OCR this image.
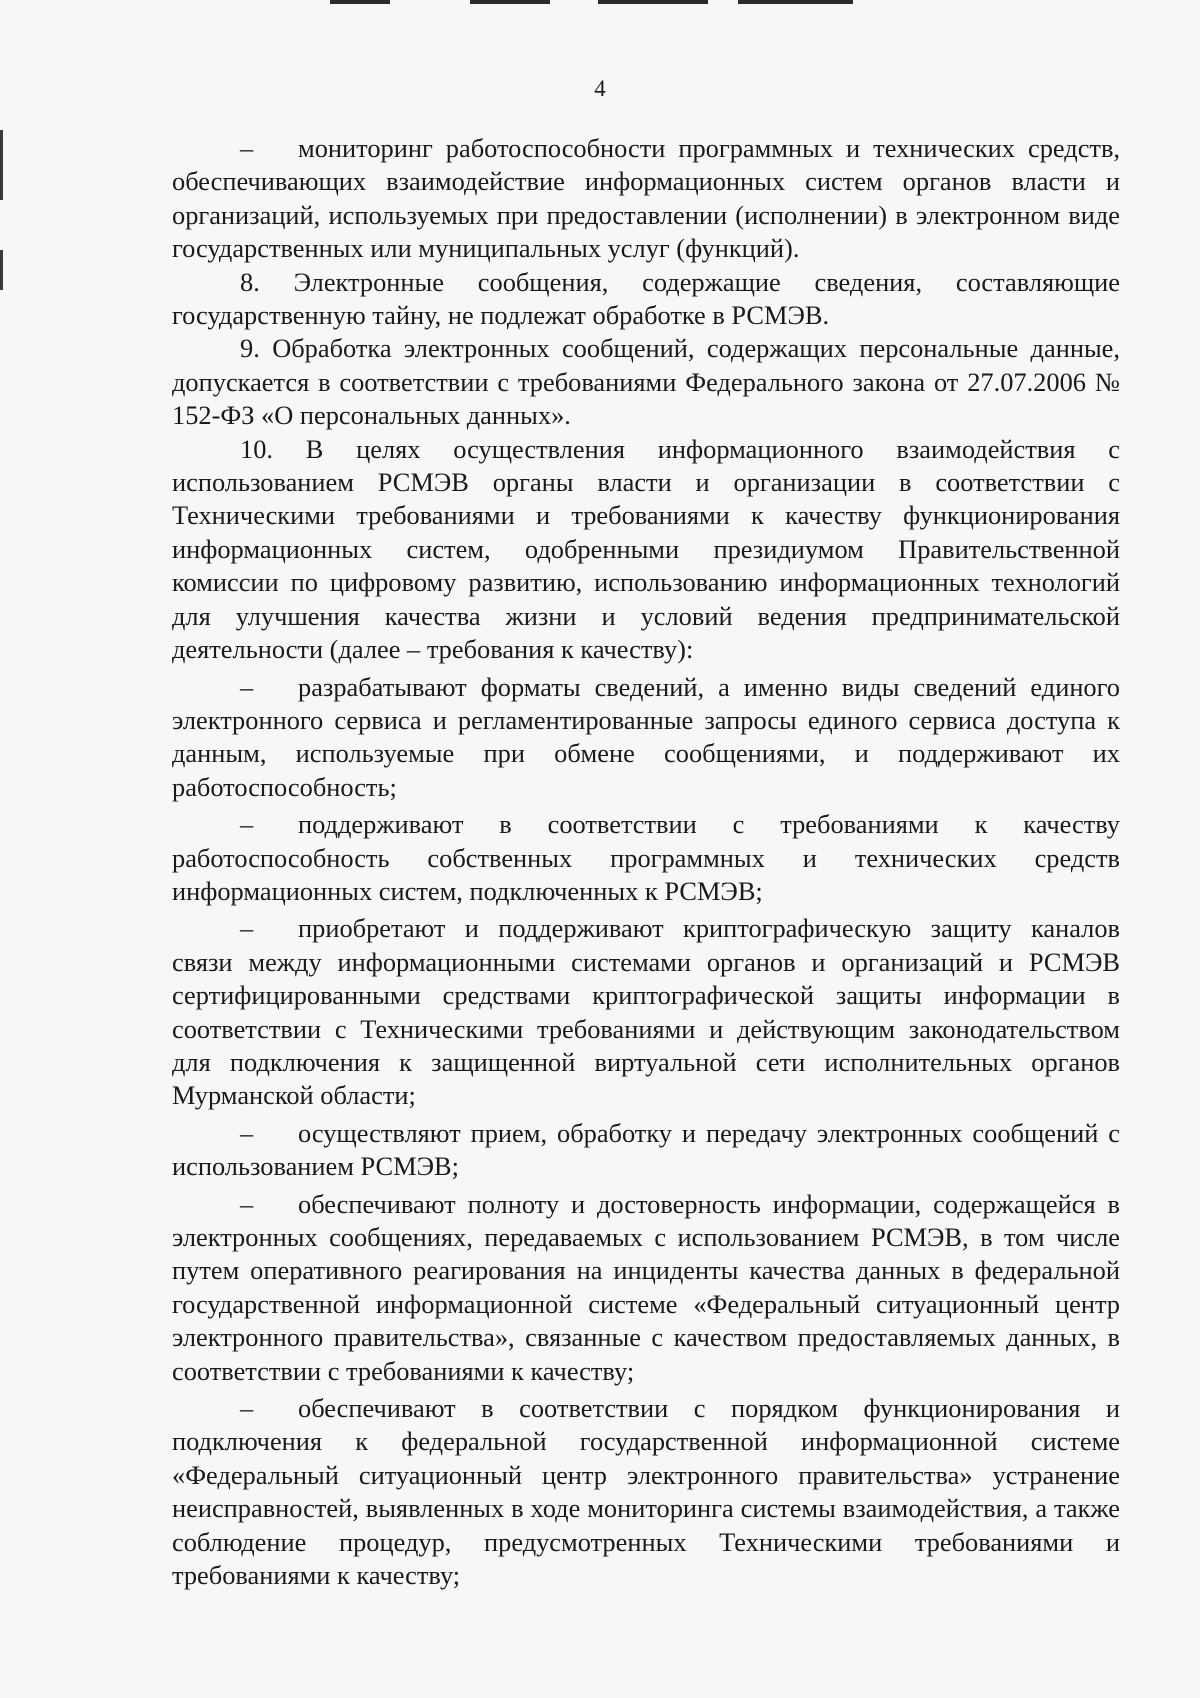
4

– мониторинг работоспособности программных и технических средств, обеспечивающих взаимодействие информационных систем органов власти и организаций, используемых при предоставлении (исполнении) в электронном виде государственных или муниципальных услуг (функций).

8. Электронные сообщения, содержащие сведения, составляющие государственную тайну, не подлежат обработке в РСМЭВ.

9. Обработка электронных сообщений, содержащих персональные данные, допускается в соответствии с требованиями Федерального закона от 27.07.2006 № 152-ФЗ «О персональных данных».

10. В целях осуществления информационного взаимодействия с использованием РСМЭВ органы власти и организации в соответствии с Техническими требованиями и требованиями к качеству функционирования информационных систем, одобренными президиумом Правительственной комиссии по цифровому развитию, использованию информационных технологий для улучшения качества жизни и условий ведения предпринимательской деятельности (далее – требования к качеству):

– разрабатывают форматы сведений, а именно виды сведений единого электронного сервиса и регламентированные запросы единого сервиса доступа к данным, используемые при обмене сообщениями, и поддерживают их работоспособность;

– поддерживают в соответствии с требованиями к качеству работоспособность собственных программных и технических средств информационных систем, подключенных к РСМЭВ;

– приобретают и поддерживают криптографическую защиту каналов связи между информационными системами органов и организаций и РСМЭВ сертифицированными средствами криптографической защиты информации в соответствии с Техническими требованиями и действующим законодательством для подключения к защищенной виртуальной сети исполнительных органов Мурманской области;

– осуществляют прием, обработку и передачу электронных сообщений с использованием РСМЭВ;

– обеспечивают полноту и достоверность информации, содержащейся в электронных сообщениях, передаваемых с использованием РСМЭВ, в том числе путем оперативного реагирования на инциденты качества данных в федеральной государственной информационной системе «Федеральный ситуационный центр электронного правительства», связанные с качеством предоставляемых данных, в соответствии с требованиями к качеству;

– обеспечивают в соответствии с порядком функционирования и подключения к федеральной государственной информационной системе «Федеральный ситуационный центр электронного правительства» устранение неисправностей, выявленных в ходе мониторинга системы взаимодействия, а также соблюдение процедур, предусмотренных Техническими требованиями и требованиями к качеству;
